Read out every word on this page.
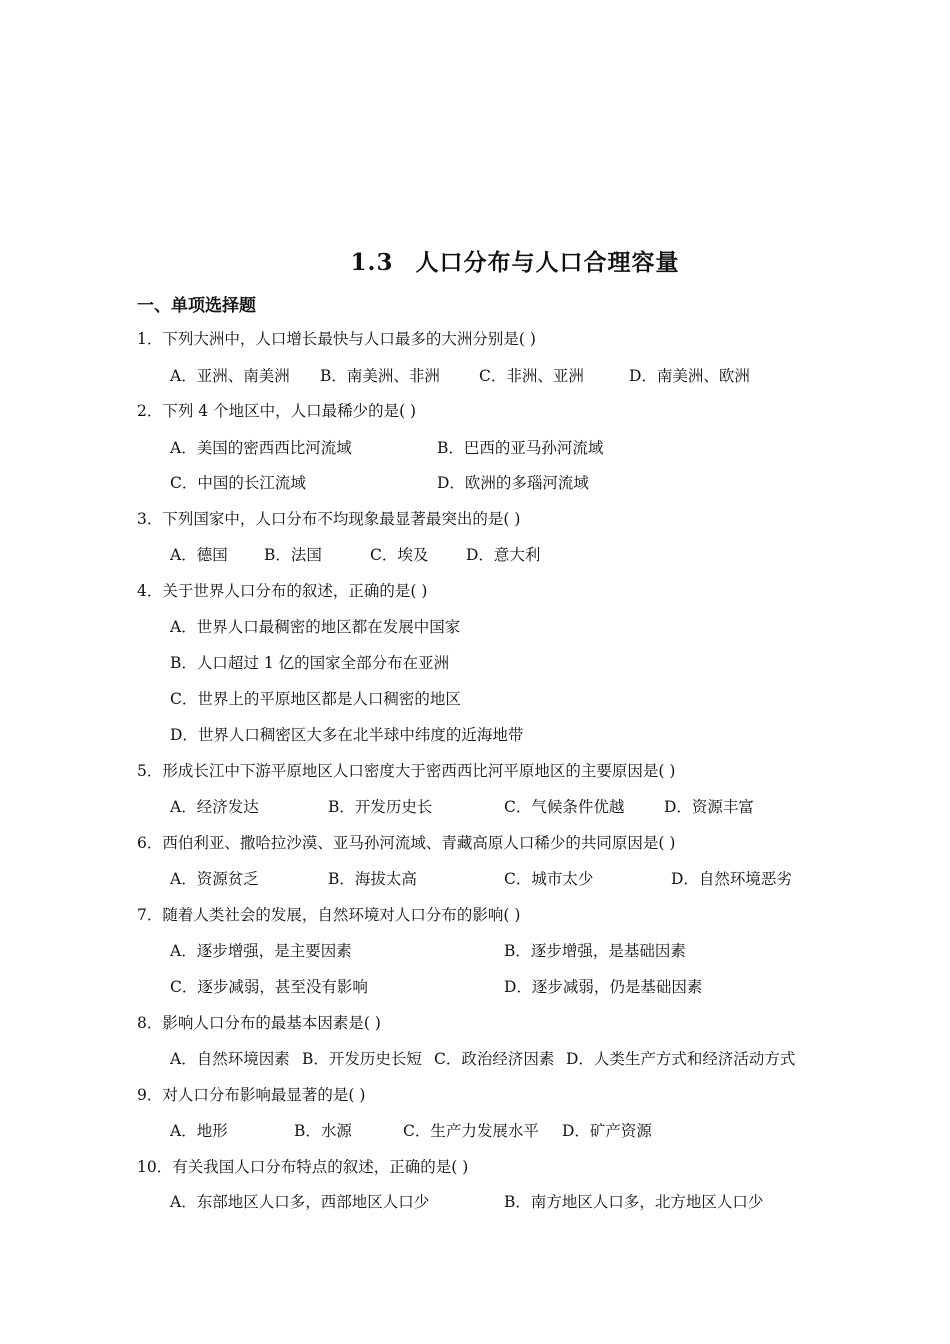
1.3 人口分布与人口合理容量
一、单项选择题
1．下列大洲中，人口增长最快与人口最多的大洲分别是( )
A．亚洲、南美洲 B．南美洲、非洲	C．非洲、亚洲	D．南美洲、欧洲
2．下列 4 个地区中，人口最稀少的是( )
A．美国的密西西比河流域	B．巴西的亚马孙河流域
C．中国的长江流域	D．欧洲的多瑙河流域
3．下列国家中，人口分布不均现象最显著最突出的是( )
A．德国 B．法国	C．埃及 D．意大利
4．关于世界人口分布的叙述，正确的是( )
A．世界人口最稠密的地区都在发展中国家
B．人口超过 1 亿的国家全部分布在亚洲
C．世界上的平原地区都是人口稠密的地区
D．世界人口稠密区大多在北半球中纬度的近海地带
5．形成长江中下游平原地区人口密度大于密西西比河平原地区的主要原因是( )
A．经济发达	B．开发历史长	C．气候条件优越	D．资源丰富
6．西伯利亚、撒哈拉沙漠、亚马孙河流域、青藏高原人口稀少的共同原因是( )
A．资源贫乏	B．海拔太高	C．城市太少	D．自然环境恶劣
7．随着人类社会的发展，自然环境对人口分布的影响( )
A．逐步增强，是主要因素	B．逐步增强，是基础因素
C．逐步减弱，甚至没有影响	D．逐步减弱，仍是基础因素
8．影响人口分布的最基本因素是( )
A．自然环境因素 B．开发历史长短 C．政治经济因素 D．人类生产方式和经济活动方式
9．对人口分布影响最显著的是( )
A．地形	B．水源	C．生产力发展水平 D．矿产资源
10．有关我国人口分布特点的叙述，正确的是( )
A．东部地区人口多，西部地区人口少	B．南方地区人口多，北方地区人口少
